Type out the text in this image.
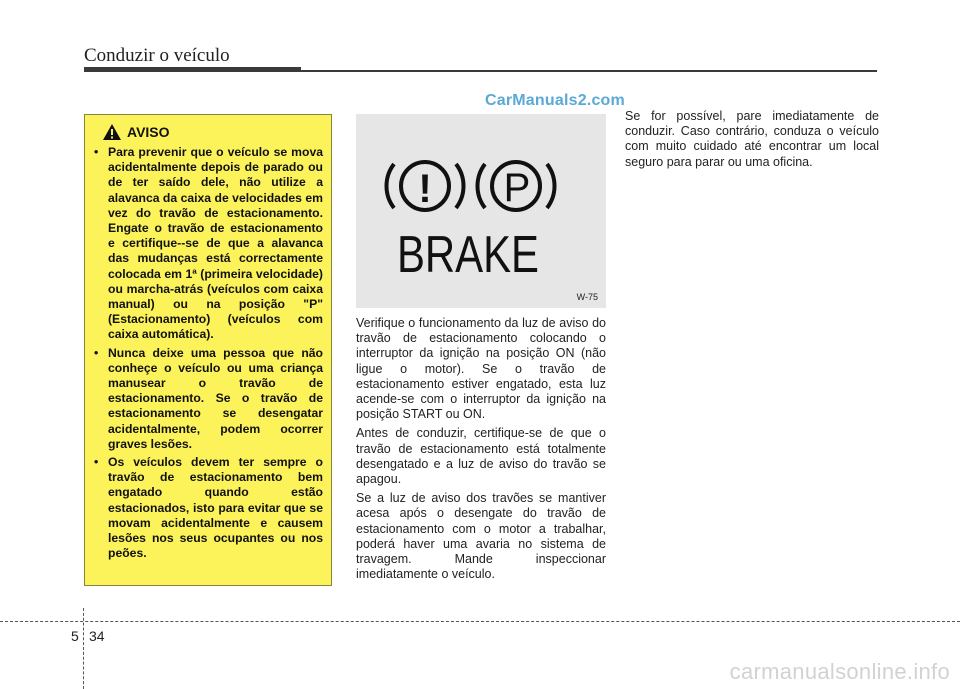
Conduzir o veículo
CarManuals2.com
AVISO
• Para prevenir que o veículo se mova acidentalmente depois de parado ou de ter saído dele, não utilize a alavanca da caixa de velocidades em vez do travão de estacionamento. Engate o travão de estacionamento e certifique--se de que a alavanca das mudanças está correctamente colocada em 1ª (primeira velocidade) ou marcha-atrás (veículos com caixa manual) ou na posição "P" (Estacionamento) (veículos com caixa automática).
• Nunca deixe uma pessoa que não conheçe o veículo ou uma criança manusear o travão de estacionamento. Se o travão de estacionamento se desengatar acidentalmente, podem ocorrer graves lesões.
• Os veículos devem ter sempre o travão de estacionamento bem engatado quando estão estacionados, isto para evitar que se movam acidentalmente e causem lesões nos seus ocupantes ou nos peões.
! P
BRAKE
W-75

Verifique o funcionamento da luz de aviso do travão de estacionamento colocando o interruptor da ignição na posição ON (não ligue o motor). Se o travão de estacionamento estiver engatado, esta luz acende-se com o interruptor da ignição na posição START ou ON.

Antes de conduzir, certifique-se de que o travão de estacionamento está totalmente desengatado e a luz de aviso do travão se apagou.

Se a luz de aviso dos travões se mantiver acesa após o desengate do travão de estacionamento com o motor a trabalhar, poderá haver uma avaria no sistema de travagem. Mande inspeccionar imediatamente o veículo.

Se for possível, pare imediatamente de conduzir. Caso contrário, conduza o veículo com muito cuidado até encontrar um local seguro para parar ou uma oficina.

5 34
carmanualsonline.info
